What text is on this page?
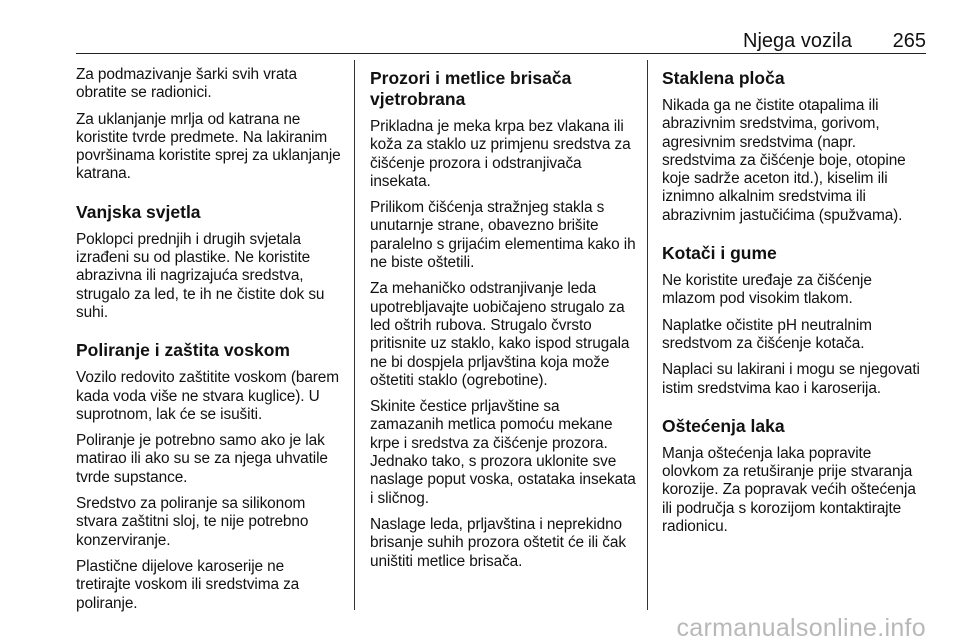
Njega vozila 265

Za podmazivanje šarki svih vrata obratite se radionici.

Za uklanjanje mrlja od katrana ne koristite tvrde predmete. Na lakiranim površinama koristite sprej za uklanjanje katrana.

Vanjska svjetla

Poklopci prednjih i drugih svjetala izrađeni su od plastike. Ne koristite abrazivna ili nagrizajuća sredstva, strugalo za led, te ih ne čistite dok su suhi.

Poliranje i zaštita voskom

Vozilo redovito zaštitite voskom (barem kada voda više ne stvara kuglice). U suprotnom, lak će se isušiti.

Poliranje je potrebno samo ako je lak matirao ili ako su se za njega uhvatile tvrde supstance.

Sredstvo za poliranje sa silikonom stvara zaštitni sloj, te nije potrebno konzerviranje.

Plastične dijelove karoserije ne tretirajte voskom ili sredstvima za poliranje.

Prozori i metlice brisača vjetrobrana

Prikladna je meka krpa bez vlakana ili koža za staklo uz primjenu sredstva za čišćenje prozora i odstranjivača insekata.

Prilikom čišćenja stražnjeg stakla s unutarnje strane, obavezno brišite paralelno s grijaćim elementima kako ih ne biste oštetili.

Za mehaničko odstranjivanje leda upotrebljavajte uobičajeno strugalo za led oštrih rubova. Strugalo čvrsto pritisnite uz staklo, kako ispod strugala ne bi dospjela prljavština koja može oštetiti staklo (ogrebotine).

Skinite čestice prljavštine sa zamazanih metlica pomoću mekane krpe i sredstva za čišćenje prozora. Jednako tako, s prozora uklonite sve naslage poput voska, ostataka insekata i sličnog.

Naslage leda, prljavština i neprekidno brisanje suhih prozora oštetit će ili čak uništiti metlice brisača.

Staklena ploča

Nikada ga ne čistite otapalima ili abrazivnim sredstvima, gorivom, agresivnim sredstvima (napr. sredstvima za čišćenje boje, otopine koje sadrže aceton itd.), kiselim ili iznimno alkalnim sredstvima ili abrazivnim jastučićima (spužvama).

Kotači i gume

Ne koristite uređaje za čišćenje mlazom pod visokim tlakom.

Naplatke očistite pH neutralnim sredstvom za čišćenje kotača.

Naplaci su lakirani i mogu se njegovati istim sredstvima kao i karoserija.

Oštećenja laka

Manja oštećenja laka popravite olovkom za retuširanje prije stvaranja korozije. Za popravak većih oštećenja ili područja s korozijom kontaktirajte radionicu.

carmanualsonline.info
